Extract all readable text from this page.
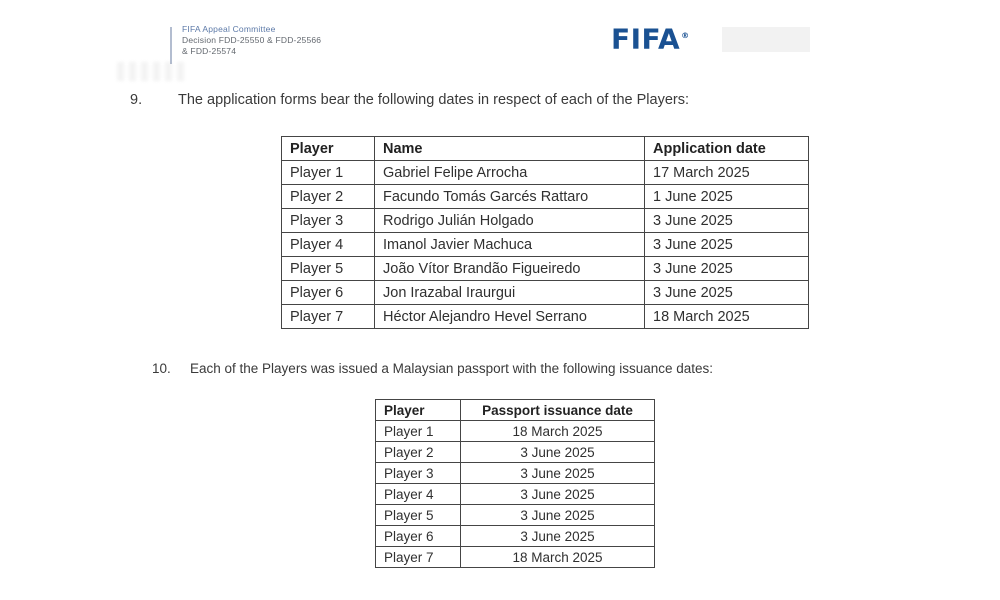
FIFA Appeal Committee
Decision FDD-25550 & FDD-25566
& FDD-25574	FIFA®
9. The application forms bear the following dates in respect of each of the Players:
Player	Name	Application date
Player 1	Gabriel Felipe Arrocha	17 March 2025
Player 2	Facundo Tomás Garcés Rattaro	1 June 2025
Player 3	Rodrigo Julián Holgado	3 June 2025
Player 4	Imanol Javier Machuca	3 June 2025
Player 5	João Vítor Brandão Figueiredo	3 June 2025
Player 6	Jon Irazabal Iraurgui	3 June 2025
Player 7	Héctor Alejandro Hevel Serrano	18 March 2025
10. Each of the Players was issued a Malaysian passport with the following issuance dates:
Player	Passport issuance date
Player 1	18 March 2025
Player 2	3 June 2025
Player 3	3 June 2025
Player 4	3 June 2025
Player 5	3 June 2025
Player 6	3 June 2025
Player 7	18 March 2025
